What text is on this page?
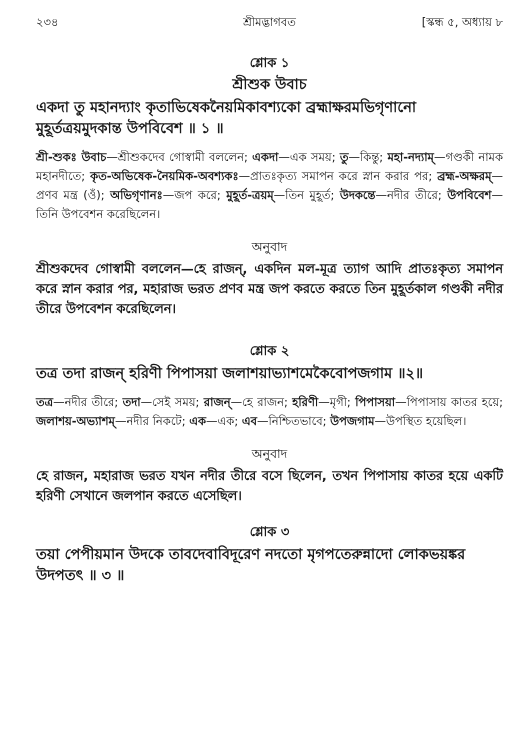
২৩৪	শ্রীমদ্ভাগবত	[স্কন্ধ ৫, অধ্যায় ৮

শ্লোক ১

শ্রীশুক উবাচ

একদা তু মহানদ্যাং কৃতাভিষেকনৈয়মিকাবশ্যকো ব্রহ্মাক্ষরমভিগৃণানো মুহূর্তত্রয়মুদকান্ত উপবিবেশ ॥ ১ ॥

শ্রী-শুকঃ উবাচ—শ্রীশুকদেব গোস্বামী বললেন; একদা—এক সময়; তু—কিন্তু; মহা-নদ্যাম্—গণ্ডকী নামক মহানদীতে; কৃত-অভিষেক-নৈয়মিক-অবশ্যকঃ—প্রাতঃকৃত্য সমাপন করে স্নান করার পর; ব্রহ্ম-অক্ষরম্—প্রণব মন্ত্র (ওঁ); অভিগৃণানঃ—জপ করে; মুহূর্ত-ত্রয়ম্—তিন মুহূর্ত; উদকন্তে—নদীর তীরে; উপবিবেশ—তিনি উপবেশন করেছিলেন।

অনুবাদ

শ্রীশুকদেব গোস্বামী বললেন—হে রাজন্, একদিন মল-মূত্র ত্যাগ আদি প্রাতঃকৃত্য সমাপন করে স্নান করার পর, মহারাজ ভরত প্রণব মন্ত্র জপ করতে করতে তিন মুহূর্তকাল গণ্ডকী নদীর তীরে উপবেশন করেছিলেন।

শ্লোক ২

তত্র তদা রাজন্ হরিণী পিপাসয়া জলাশয়াভ্যাশমেকৈবোপজগাম ॥২॥

তত্র—নদীর তীরে; তদা—সেই সময়; রাজন্—হে রাজন; হরিণী—মৃগী; পিপাসয়া—পিপাসায় কাতর হয়ে; জলাশয়-অভ্যাশম্—নদীর নিকটে; এক—এক; এব—নিশ্চিতভাবে; উপজগাম—উপস্থিত হয়েছিল।

অনুবাদ

হে রাজন, মহারাজ ভরত যখন নদীর তীরে বসে ছিলেন, তখন পিপাসায় কাতর হয়ে একটি হরিণী সেখানে জলপান করতে এসেছিল।

শ্লোক ৩

তয়া পেপীয়মান উদকে তাবদেবাবিদূরেণ নদতো মৃগপতেরুন্নাদো লোকভয়ঙ্কর উদপতৎ ॥ ৩ ॥
